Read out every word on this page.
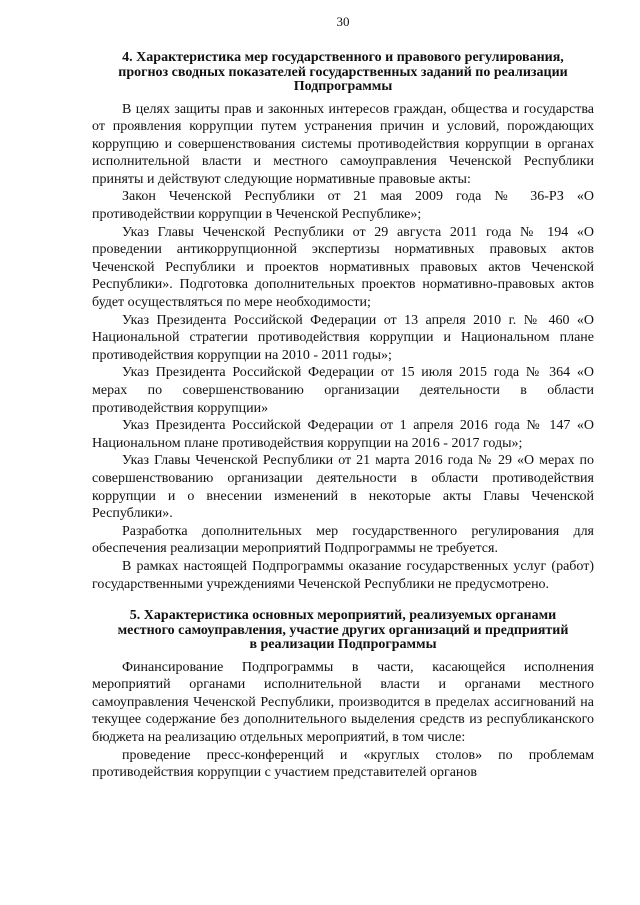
30
4. Характеристика мер государственного и правового регулирования,
прогноз сводных показателей государственных заданий по реализации
Подпрограммы

В целях защиты прав и законных интересов граждан, общества и государства от проявления коррупции путем устранения причин и условий, порождающих коррупцию и совершенствования системы противодействия коррупции в органах исполнительной власти и местного самоуправления Чеченской Республики приняты и действуют следующие нормативные правовые акты:

Закон Чеченской Республики от 21 мая 2009 года № 36-РЗ «О противодействии коррупции в Чеченской Республике»;

Указ Главы Чеченской Республики от 29 августа 2011 года № 194 «О проведении антикоррупционной экспертизы нормативных правовых актов Чеченской Республики и проектов нормативных правовых актов Чеченской Республики». Подготовка дополнительных проектов нормативно-правовых актов будет осуществляться по мере необходимости;

Указ Президента Российской Федерации от 13 апреля 2010 г. № 460 «О Национальной стратегии противодействия коррупции и Национальном плане противодействия коррупции на 2010 - 2011 годы»;

Указ Президента Российской Федерации от 15 июля 2015 года № 364 «О мерах по совершенствованию организации деятельности в области противодействия коррупции»

Указ Президента Российской Федерации от 1 апреля 2016 года № 147 «О Национальном плане противодействия коррупции на 2016 - 2017 годы»;

Указ Главы Чеченской Республики от 21 марта 2016 года № 29 «О мерах по совершенствованию организации деятельности в области противодействия коррупции и о внесении изменений в некоторые акты Главы Чеченской Республики».

Разработка дополнительных мер государственного регулирования для обеспечения реализации мероприятий Подпрограммы не требуется.

В рамках настоящей Подпрограммы оказание государственных услуг (работ) государственными учреждениями Чеченской Республики не предусмотрено.

5. Характеристика основных мероприятий, реализуемых органами
местного самоуправления, участие других организаций и предприятий
в реализации Подпрограммы

Финансирование Подпрограммы в части, касающейся исполнения мероприятий органами исполнительной власти и органами местного самоуправления Чеченской Республики, производится в пределах ассигнований на текущее содержание без дополнительного выделения средств из республиканского бюджета на реализацию отдельных мероприятий, в том числе:

проведение пресс-конференций и «круглых столов» по проблемам противодействия коррупции с участием представителей органов
